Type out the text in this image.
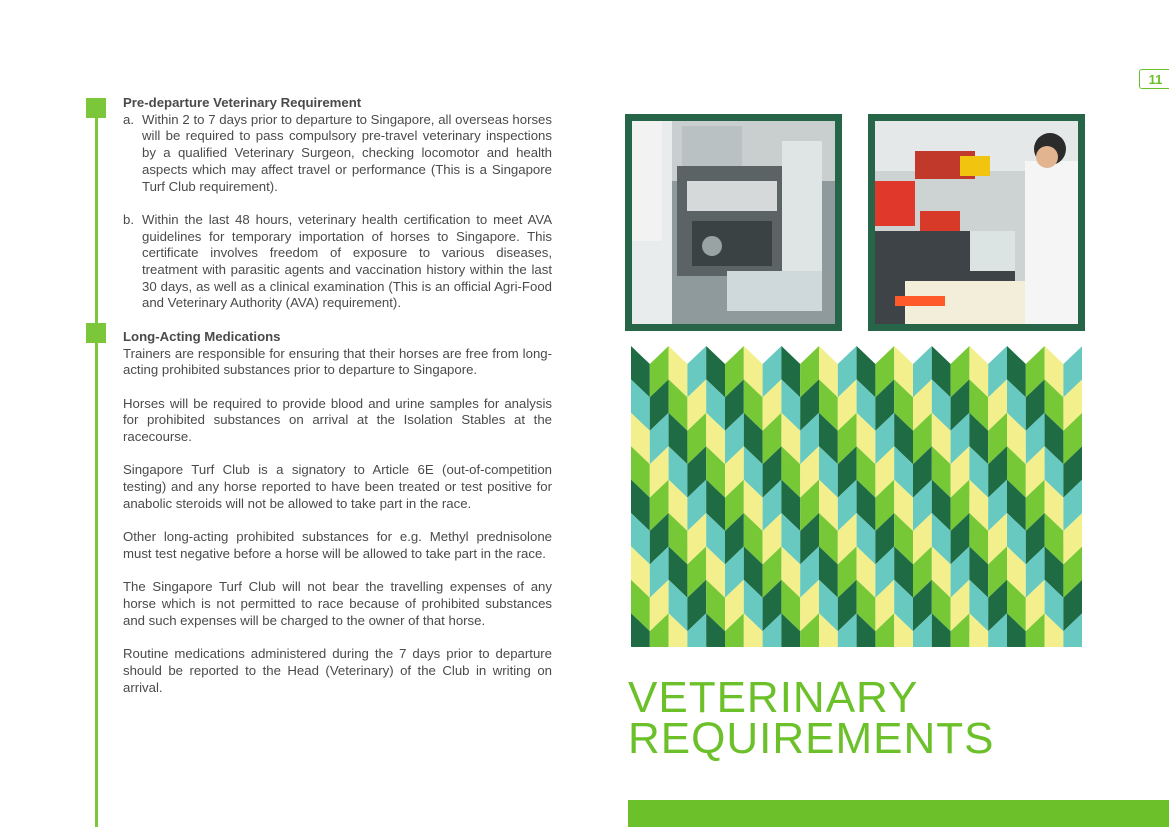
11
Pre-departure Veterinary Requirement
a. Within 2 to 7 days prior to departure to Singapore, all overseas horses will be required to pass compulsory pre-travel veterinary inspections by a qualified Veterinary Surgeon, checking locomotor and health aspects which may affect travel or performance (This is a Singapore Turf Club requirement).
b. Within the last 48 hours, veterinary health certification to meet AVA guidelines for temporary importation of horses to Singapore. This certificate involves freedom of exposure to various diseases, treatment with parasitic agents and vaccination history within the last 30 days, as well as a clinical examination (This is an official Agri-Food and Veterinary Authority (AVA) requirement).
Long-Acting Medications

Trainers are responsible for ensuring that their horses are free from long-acting prohibited substances prior to departure to Singapore.

Horses will be required to provide blood and urine samples for analysis for prohibited substances on arrival at the Isolation Stables at the racecourse.

Singapore Turf Club is a signatory to Article 6E (out-of-competition testing) and any horse reported to have been treated or test positive for anabolic steroids will not be allowed to take part in the race.

Other long-acting prohibited substances for e.g. Methyl prednisolone must test negative before a horse will be allowed to take part in the race.

The Singapore Turf Club will not bear the travelling expenses of any horse which is not permitted to race because of prohibited substances and such expenses will be charged to the owner of that horse.

Routine medications administered during the 7 days prior to departure should be reported to the Head (Veterinary) of the Club in writing on arrival.	VETERINARY
REQUIREMENTS
